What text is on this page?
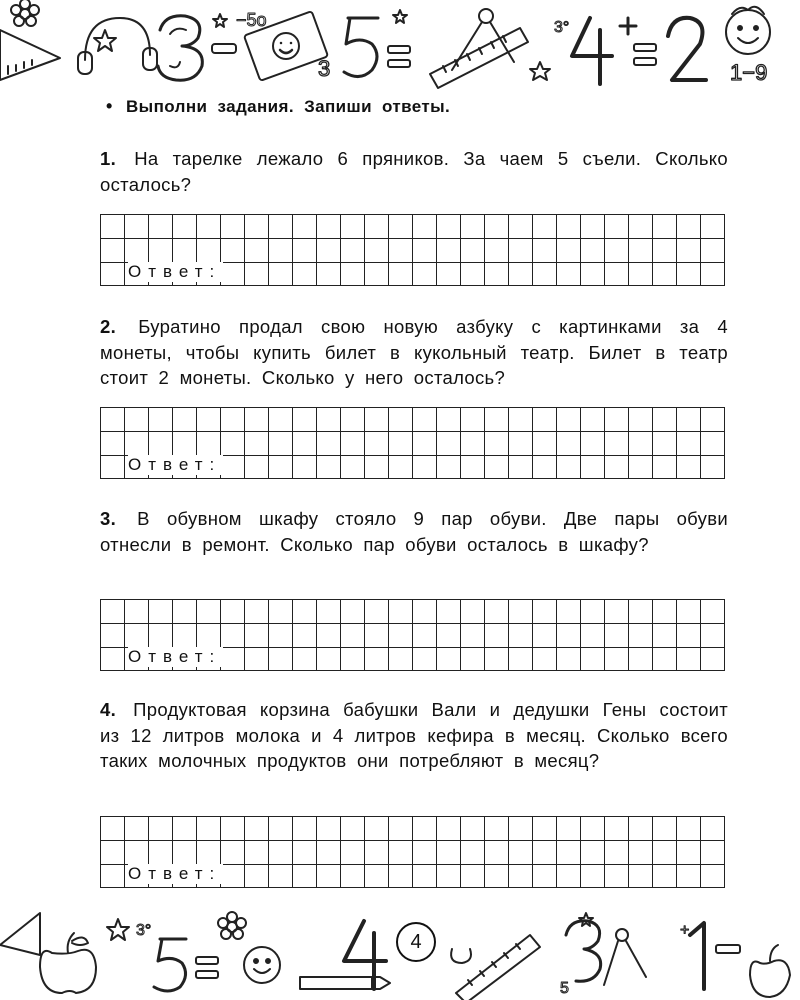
3	1−9
3°
−5o
• Выполни задания. Запиши ответы.
1. На тарелке лежало 6 пряников. За чаем 5 съели. Сколько осталось?
Ответ:
2. Буратино продал свою новую азбуку с картинками за 4 монеты, чтобы купить билет в кукольный театр. Билет в театр стоит 2 монеты. Сколько у него осталось?
Ответ:
3. В обувном шкафу стояло 9 пар обуви. Две пары обуви отнесли в ремонт. Сколько пар обуви осталось в шкафу?
Ответ:
4. Продуктовая корзина бабушки Вали и дедушки Гены состоит из 12 литров молока и 4 литров кефира в месяц. Сколько всего таких молочных продуктов они потребляют в месяц?
Ответ:
3°
5
+
4
